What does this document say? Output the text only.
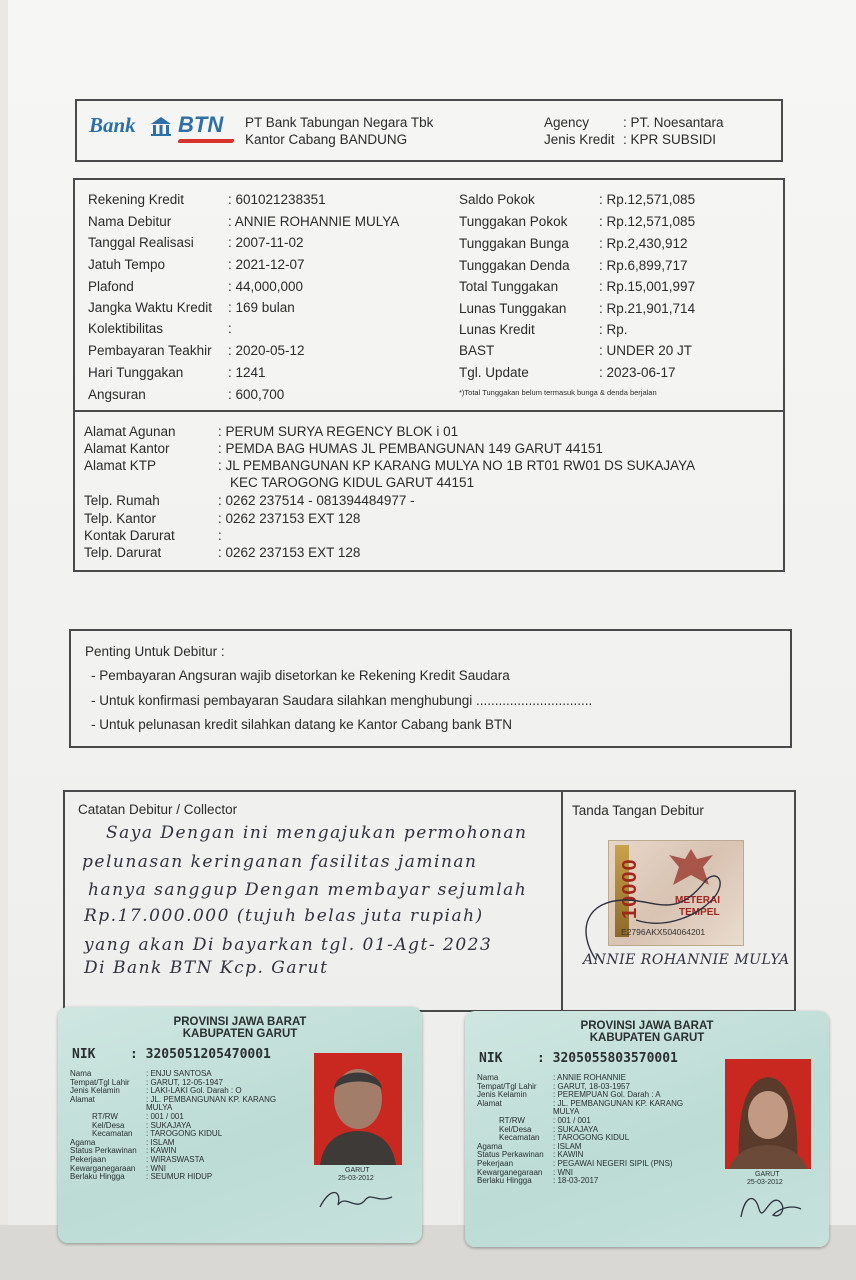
Bank BTN PT Bank Tabungan Negara Tbk
Kantor Cabang BANDUNG
Agency	: PT. Noesantara
Jenis Kredit : KPR SUBSIDI
Rekening Kredit	: 601021238351
Nama Debitur	: ANNIE ROHANNIE MULYA
Tanggal Realisasi	: 2007-11-02
Jatuh Tempo	: 2021-12-07
Plafond	: 44,000,000
Jangka Waktu Kredit : 169 bulan
Kolektibilitas	:
Pembayaran Teakhir : 2020-05-12
Hari Tunggakan	: 1241
Angsuran	: 600,700
Saldo Pokok	: Rp.12,571,085
Tunggakan Pokok : Rp.12,571,085
Tunggakan Bunga : Rp.2,430,912
Tunggakan Denda : Rp.6,899,717
Total Tunggakan	: Rp.15,001,997
Lunas Tunggakan : Rp.21,901,714
Lunas Kredit	: Rp.
BAST	: UNDER 20 JT
Tgl. Update	: 2023-06-17
*)Total Tunggakan belum termasuk bunga & denda berjalan
Alamat Agunan	: PERUM SURYA REGENCY BLOK i 01
Alamat Kantor	: PEMDA BAG HUMAS JL PEMBANGUNAN 149 GARUT 44151
Alamat KTP	: JL PEMBANGUNAN KP KARANG MULYA NO 1B RT01 RW01 DS SUKAJAYA
KEC TAROGONG KIDUL GARUT 44151
Telp. Rumah	: 0262 237514 - 081394484977 -
Telp. Kantor	: 0262 237153 EXT 128
Kontak Darurat	:
Telp. Darurat	: 0262 237153 EXT 128
Penting Untuk Debitur :
- Pembayaran Angsuran wajib disetorkan ke Rekening Kredit Saudara
- Untuk konfirmasi pembayaran Saudara silahkan menghubungi ...............................
- Untuk pelunasan kredit silahkan datang ke Kantor Cabang bank BTN
Catatan Debitur / Collector
Saya Dengan ini mengajukan permohonan
pelunasan keringanan fasilitas jaminan
hanya sanggup Dengan membayar sejumlah
Rp.17.000.000 (tujuh belas juta rupiah)
yang akan Di bayarkan tgl. 01-Agt- 2023
Di Bank BTN Kcp. Garut
Tanda Tangan Debitur
10000	METERAI
TEMPEL
E2796AKX504064201
ANNIE ROHANNIE MULYA
PROVINSI JAWA BARAT
KABUPATEN GARUT
NIK	: 3205051205470001
Nama	: ENJU SANTOSA
Tempat/Tgl Lahir : GARUT, 12-05-1947
Jenis Kelamin	: LAKI-LAKI Gol. Darah : O
Alamat	: JL. PEMBANGUNAN KP. KARANG
MULYA
RT/RW	: 001 / 001
Kel/Desa	: SUKAJAYA
Kecamatan : TAROGONG KIDUL
Agama	: ISLAM
Status Perkawinan : KAWIN
Pekerjaan	: WIRASWASTA
Kewarganegaraan : WNI
Berlaku Hingga	: SEUMUR HIDUP
GARUT
25-03-2012
PROVINSI JAWA BARAT
KABUPATEN GARUT
NIK	: 3205055803570001
Nama	: ANNIE ROHANNIE
Tempat/Tgl Lahir : GARUT, 18-03-1957
Jenis Kelamin	: PEREMPUAN Gol. Darah : A
Alamat	: JL. PEMBANGUNAN KP. KARANG
MULYA
RT/RW	: 001 / 001
Kel/Desa	: SUKAJAYA
Kecamatan : TAROGONG KIDUL
Agama	: ISLAM
Status Perkawinan : KAWIN
Pekerjaan	: PEGAWAI NEGERI SIPIL (PNS)
Kewarganegaraan : WNI
Berlaku Hingga	: 18-03-2017
GARUT
25-03-2012
